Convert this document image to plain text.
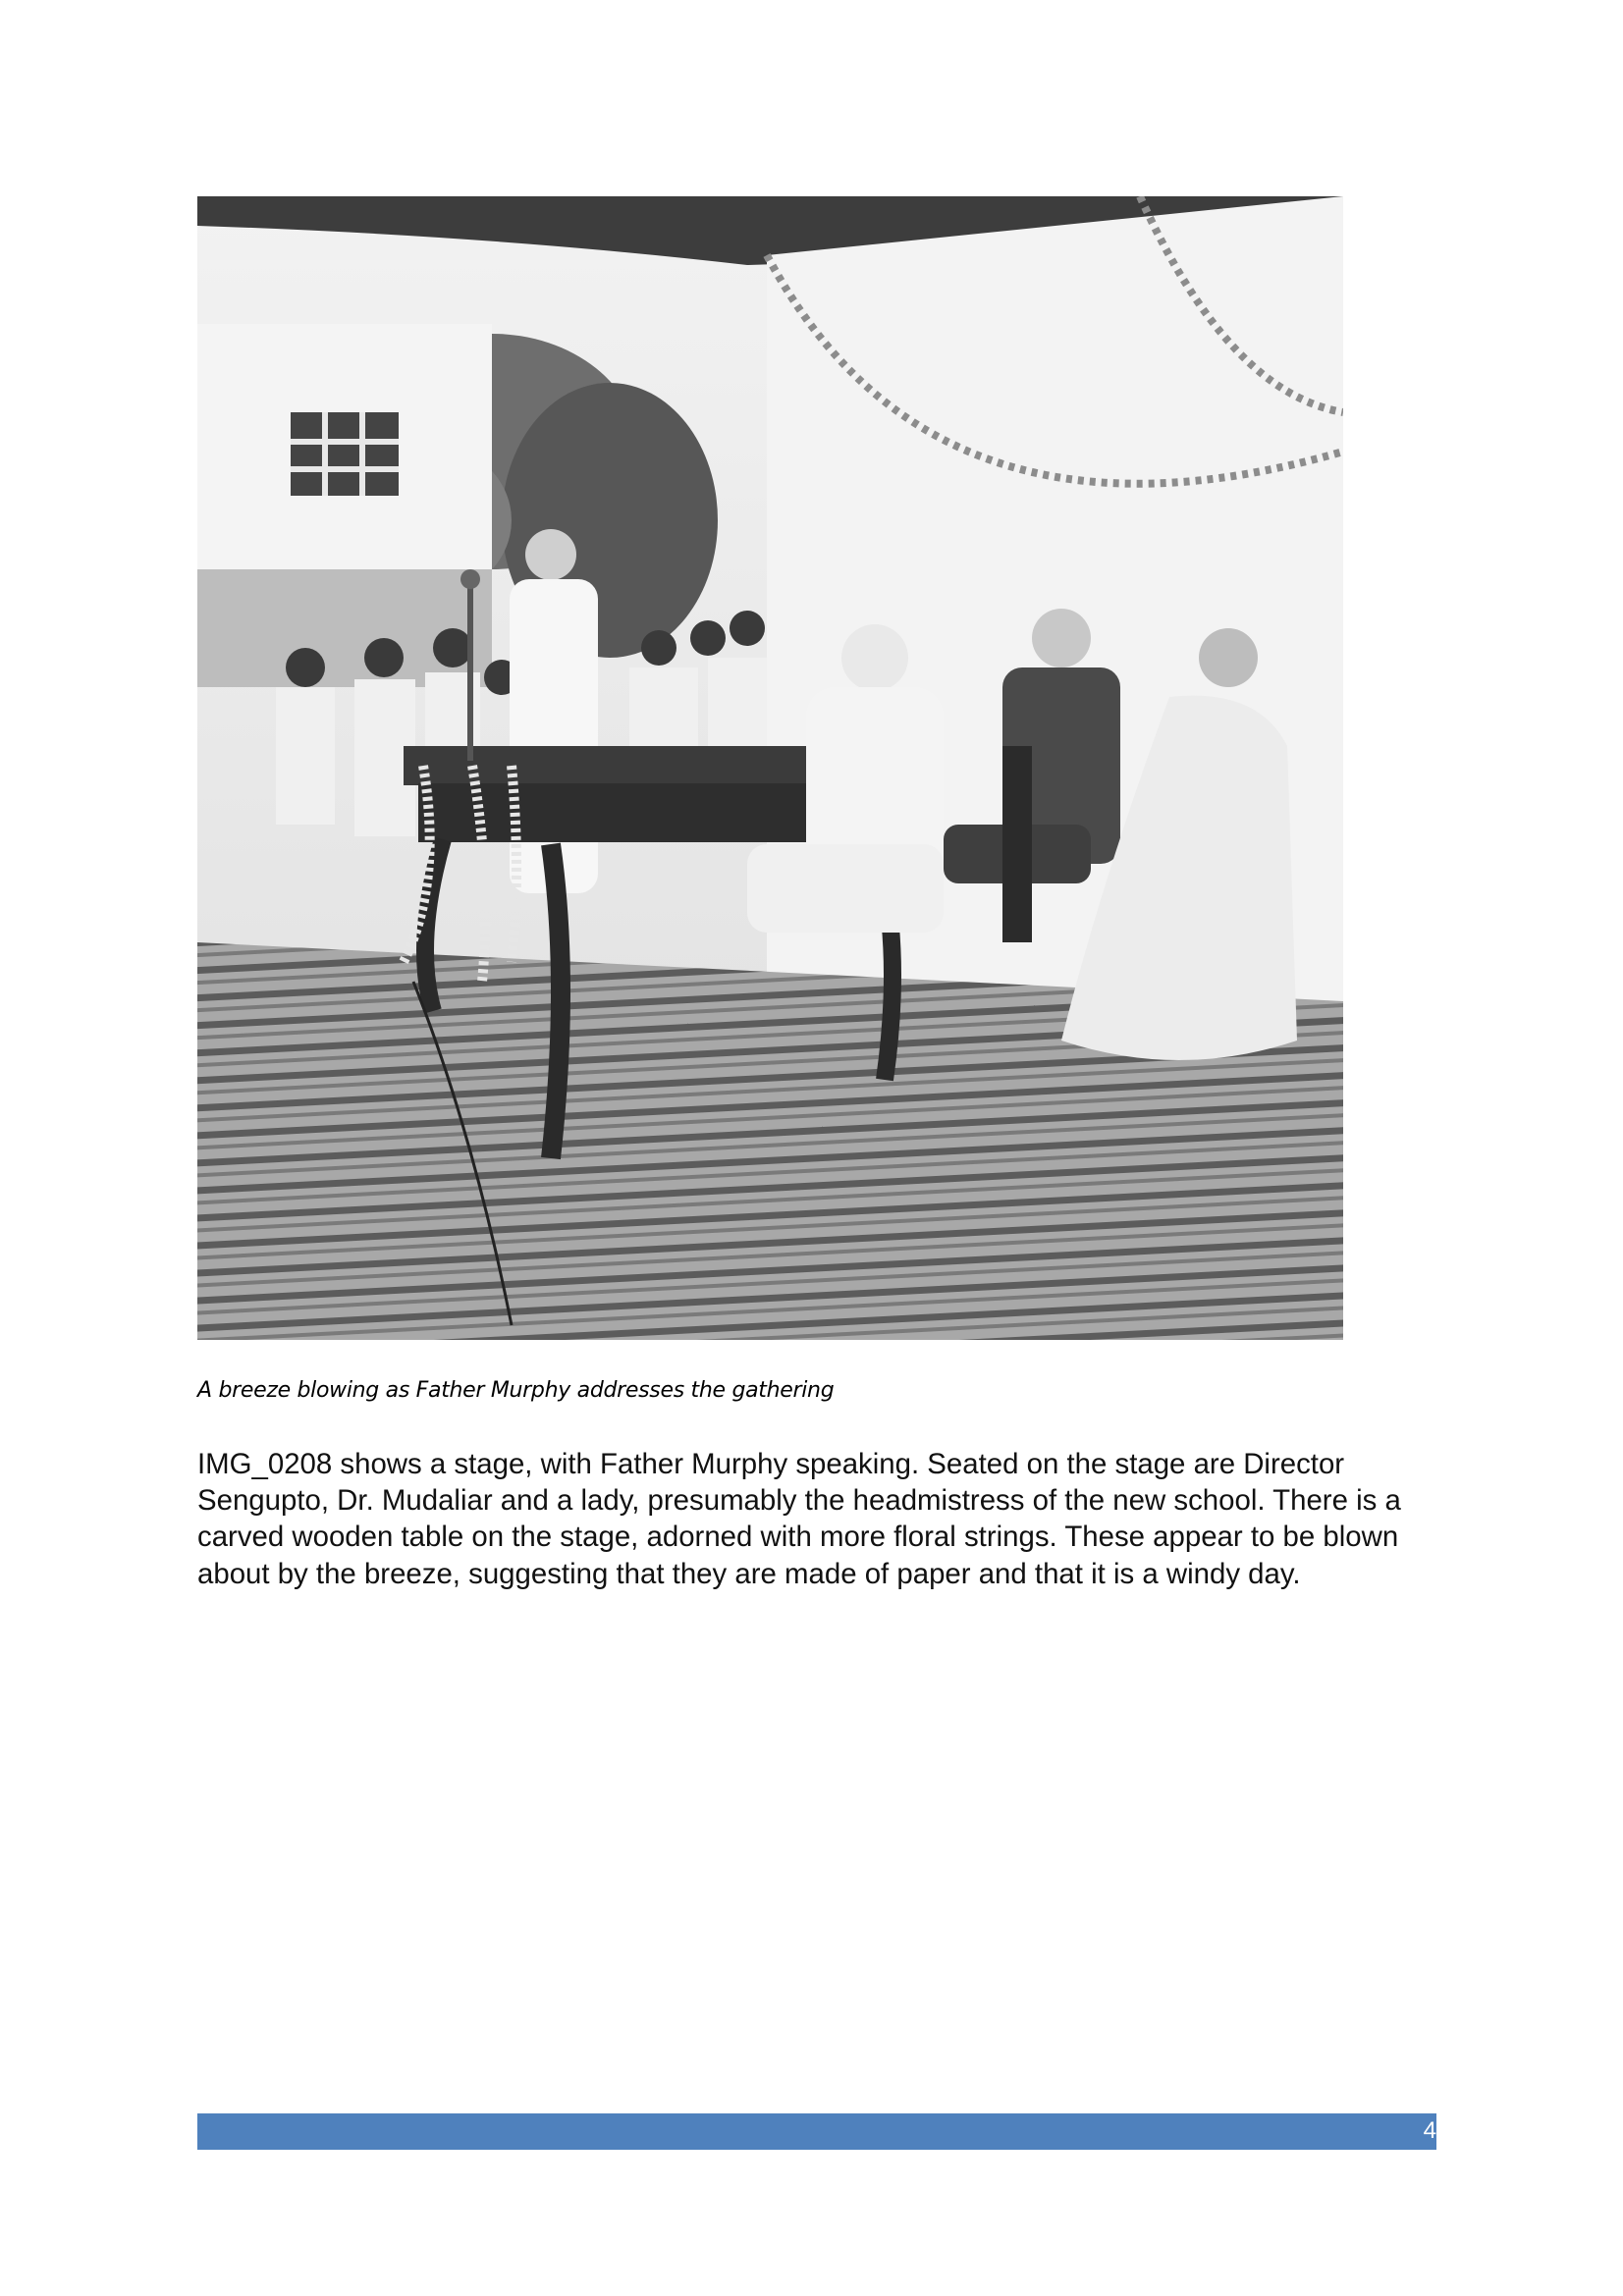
A breeze blowing as Father Murphy addresses the gathering

IMG_0208 shows a stage, with Father Murphy speaking. Seated on the stage are Director Sengupto, Dr. Mudaliar and a lady, presumably the headmistress of the new school. There is a carved wooden table on the stage, adorned with more floral strings. These appear to be blown about by the breeze, suggesting that they are made of paper and that it is a windy day.

4
